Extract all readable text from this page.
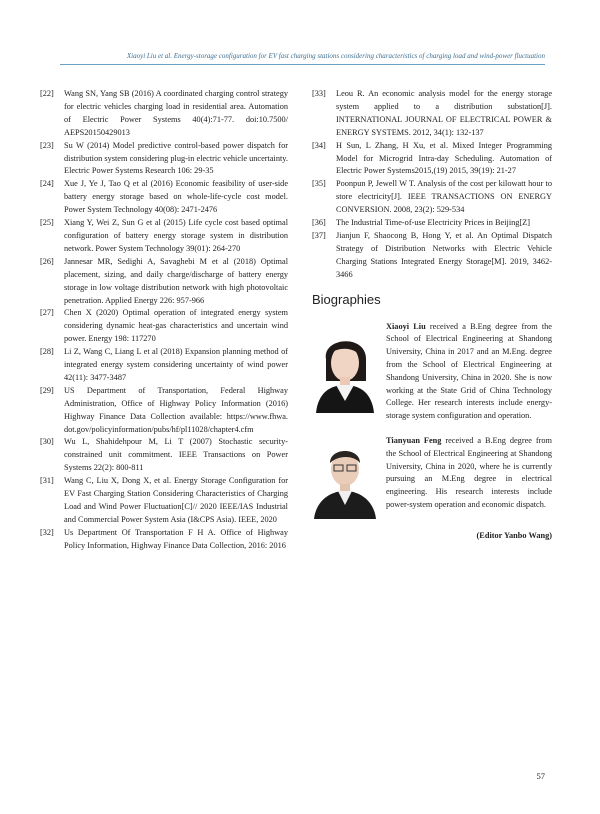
Xiaoyi Liu et al. Energy-storage configuration for EV fast charging stations considering characteristics of charging load and wind-power fluctuation

[22] Wang SN, Yang SB (2016) A coordinated charging control strategy for electric vehicles charging load in residential area. Automation of Electric Power Systems 40(4):71-77. doi:10.7500/ AEPS20150429013

[23] Su W (2014) Model predictive control-based power dispatch for distribution system considering plug-in electric vehicle uncertainty. Electric Power Systems Research 106: 29-35

[24] Xue J, Ye J, Tao Q et al (2016) Economic feasibility of user-side battery energy storage based on whole-life-cycle cost model. Power System Technology 40(08): 2471-2476

[25] Xiang Y, Wei Z, Sun G et al (2015) Life cycle cost based optimal configuration of battery energy storage system in distribution network. Power System Technology 39(01): 264-270

[26] Jannesar MR, Sedighi A, Savaghebi M et al (2018) Optimal placement, sizing, and daily charge/discharge of battery energy storage in low voltage distribution network with high photovoltaic penetration. Applied Energy 226: 957-966

[27] Chen X (2020) Optimal operation of integrated energy system considering dynamic heat-gas characteristics and uncertain wind power. Energy 198: 117270

[28] Li Z, Wang C, Liang L et al (2018) Expansion planning method of integrated energy system considering uncertainty of wind power 42(11): 3477-3487

[29] US Department of Transportation, Federal Highway Administration, Office of Highway Policy Information (2016) Highway Finance Data Collection available: https://www.fhwa. dot.gov/policyinformation/pubs/hf/pl11028/chapter4.cfm

[30] Wu L, Shahidehpour M, Li T (2007) Stochastic security-constrained unit commitment. IEEE Transactions on Power Systems 22(2): 800-811

[31] Wang C, Liu X, Dong X, et al. Energy Storage Configuration for EV Fast Charging Station Considering Characteristics of Charging Load and Wind Power Fluctuation[C]// 2020 IEEE/IAS Industrial and Commercial Power System Asia (I&CPS Asia). IEEE, 2020

[32] Us Department Of Transportation F H A. Office of Highway Policy Information, Highway Finance Data Collection, 2016: 2016

[33] Leou R. An economic analysis model for the energy storage system applied to a distribution substation[J]. INTERNATIONAL JOURNAL OF ELECTRICAL POWER & ENERGY SYSTEMS. 2012, 34(1): 132-137

[34] H Sun, L Zhang, H Xu, et al. Mixed Integer Programming Model for Microgrid Intra-day Scheduling. Automation of Electric Power Systems2015,(19) 2015, 39(19): 21-27

[35] Poonpun P, Jewell W T. Analysis of the cost per kilowatt hour to store electricity[J]. IEEE TRANSACTIONS ON ENERGY CONVERSION. 2008, 23(2): 529-534

[36] The Industrial Time-of-use Electricity Prices in Beijing[Z]

[37] Jianjun F, Shaocong B, Hong Y, et al. An Optimal Dispatch Strategy of Distribution Networks with Electric Vehicle Charging Stations Integrated Energy Storage[M]. 2019, 3462-3466

Biographies

Xiaoyi Liu received a B.Eng degree from the School of Electrical Engineering at Shandong University, China in 2017 and an M.Eng. degree from the School of Electrical Engineering at Shandong University, China in 2020. She is now working at the State Grid of China Technology College. Her research interests include energy-storage system configuration and operation.

Tianyuan Feng received a B.Eng degree from the School of Electrical Engineering at Shandong University, China in 2020, where he is currently pursuing an M.Eng degree in electrical engineering. His research interests include power-system operation and economic dispatch.

(Editor Yanbo Wang)
57
